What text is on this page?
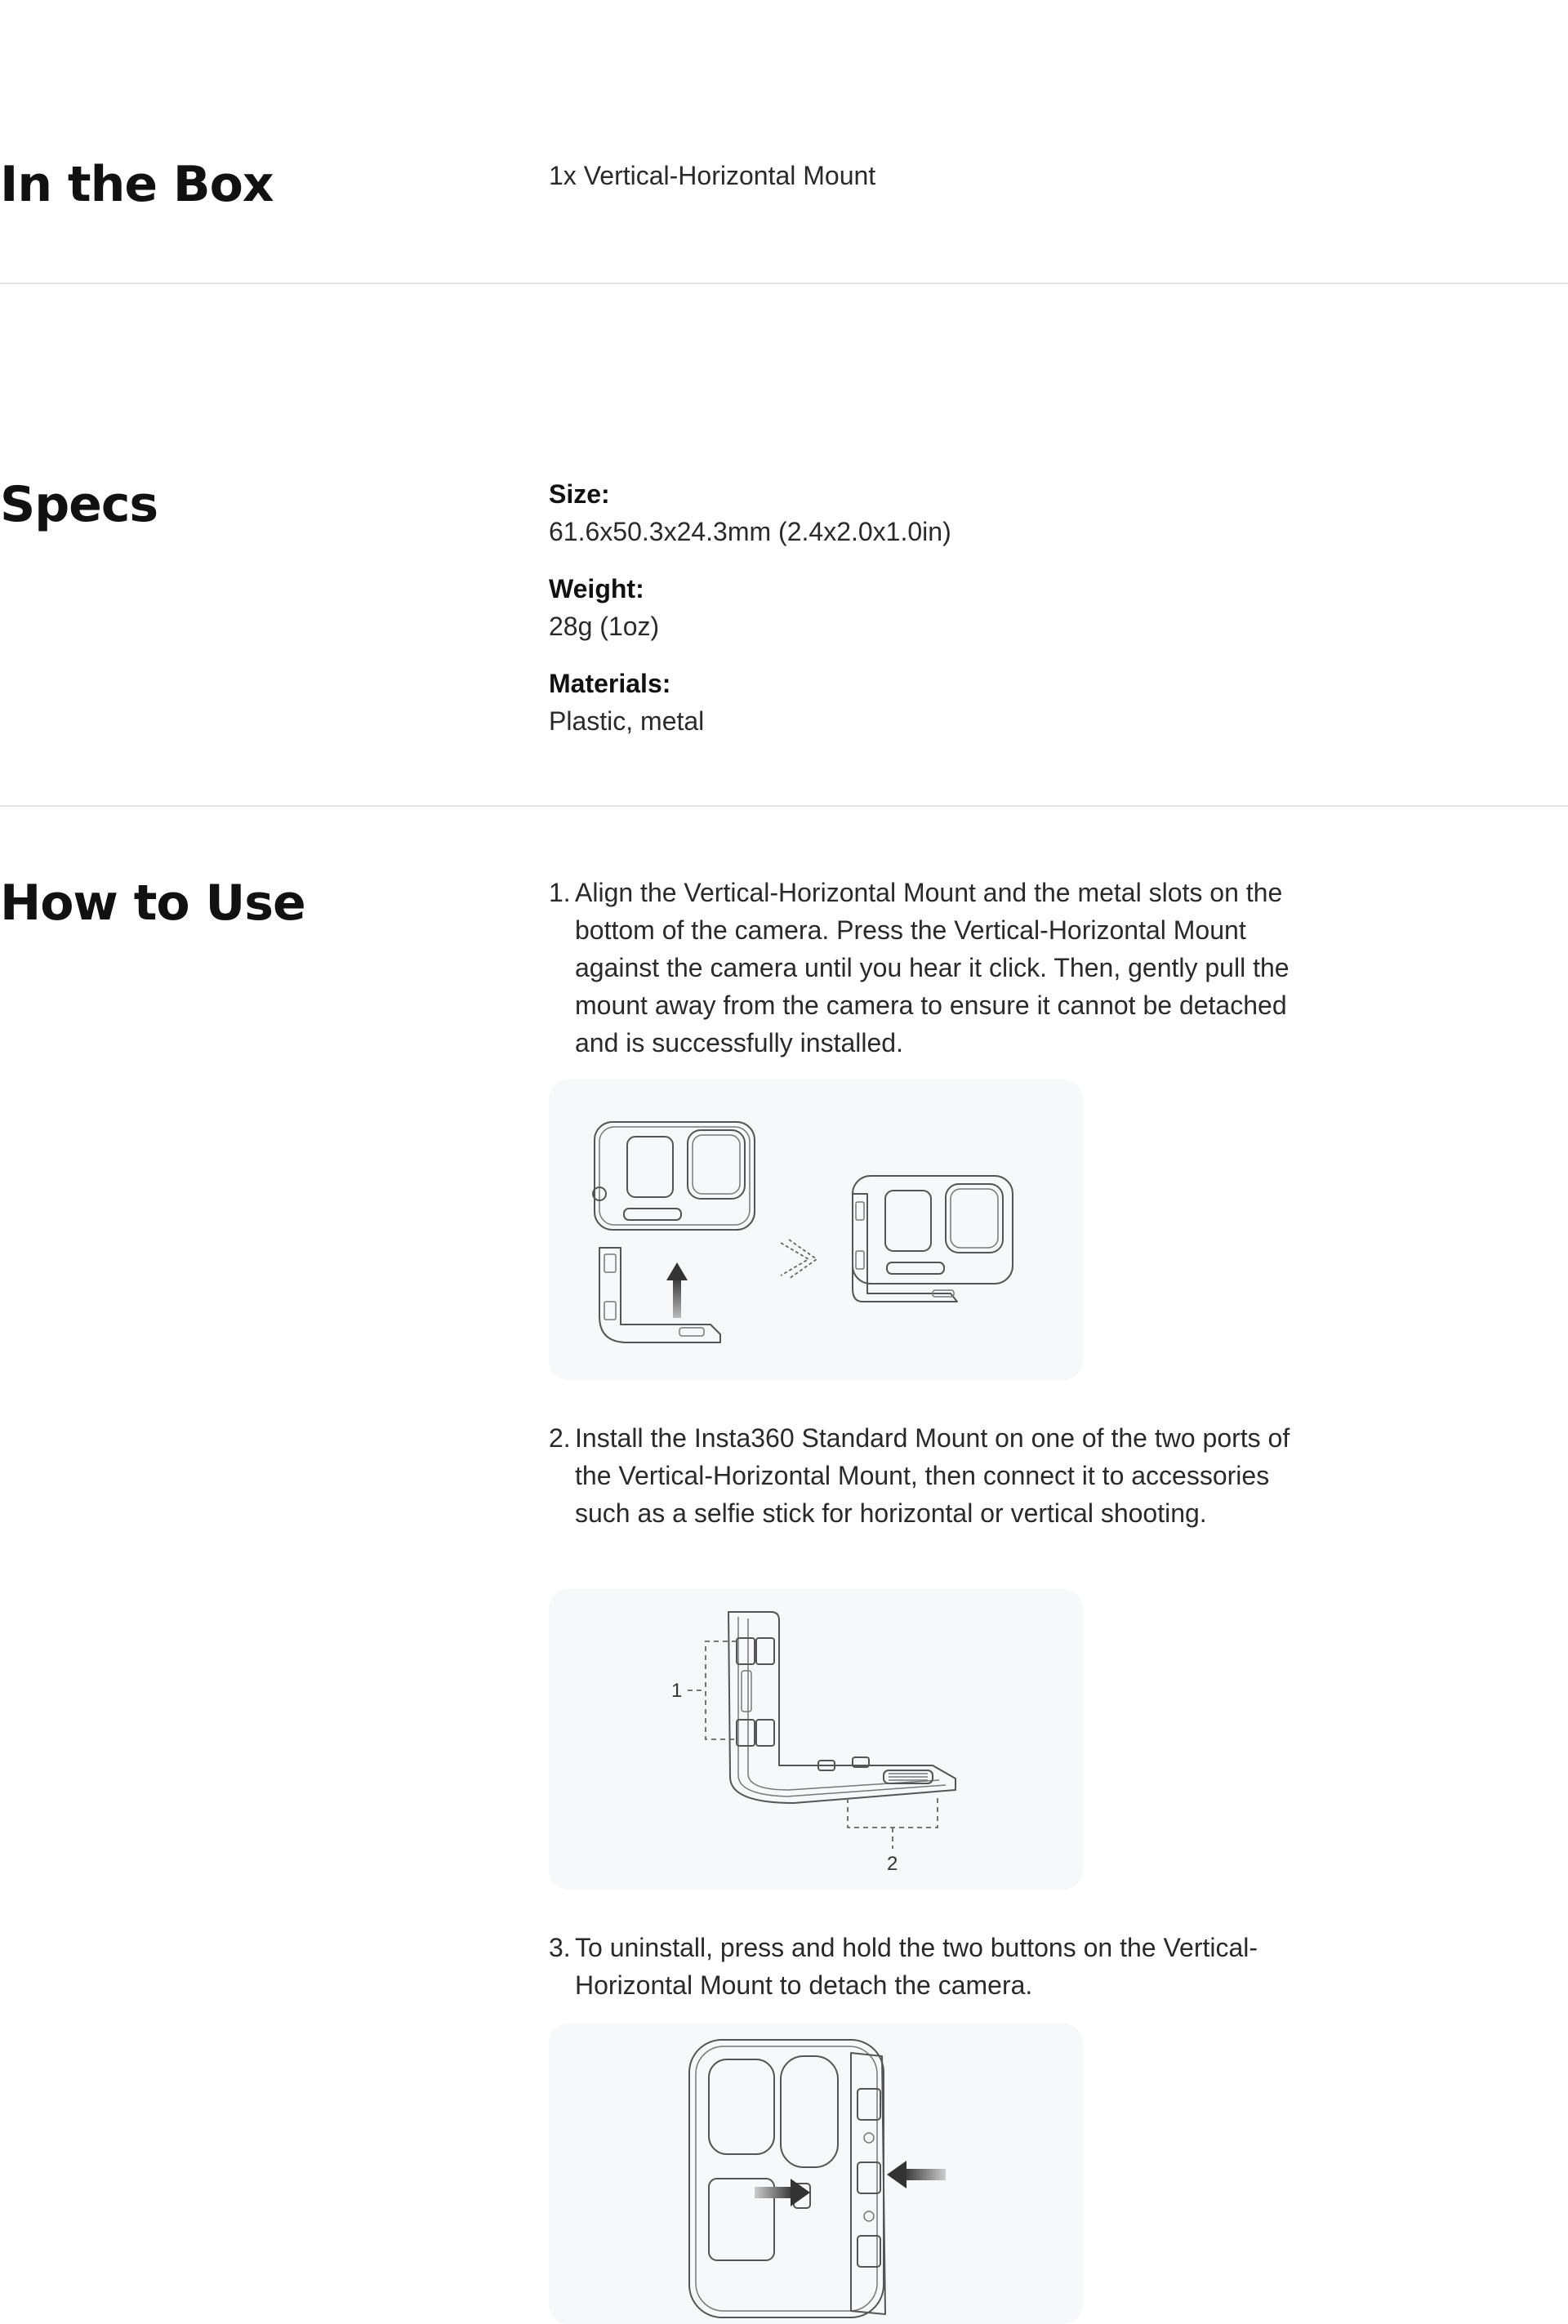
In the Box	1x Vertical-Horizontal Mount
Specs	Size:

61.6x50.3x24.3mm (2.4x2.0x1.0in)

Weight:

28g (1oz)

Materials:

Plastic, metal

How to Use	1. Align the Vertical-Horizontal Mount and the metal slots on the bottom of the camera. Press the Vertical-Horizontal Mount against the camera until you hear it click. Then, gently pull the mount away from the camera to ensure it cannot be detached and is successfully installed.

2. Install the Insta360 Standard Mount on one of the two ports of the Vertical-Horizontal Mount, then connect it to accessories such as a selfie stick for horizontal or vertical shooting.

3. To uninstall, press and hold the two buttons on the Vertical-Horizontal Mount to detach the camera.

1
2
